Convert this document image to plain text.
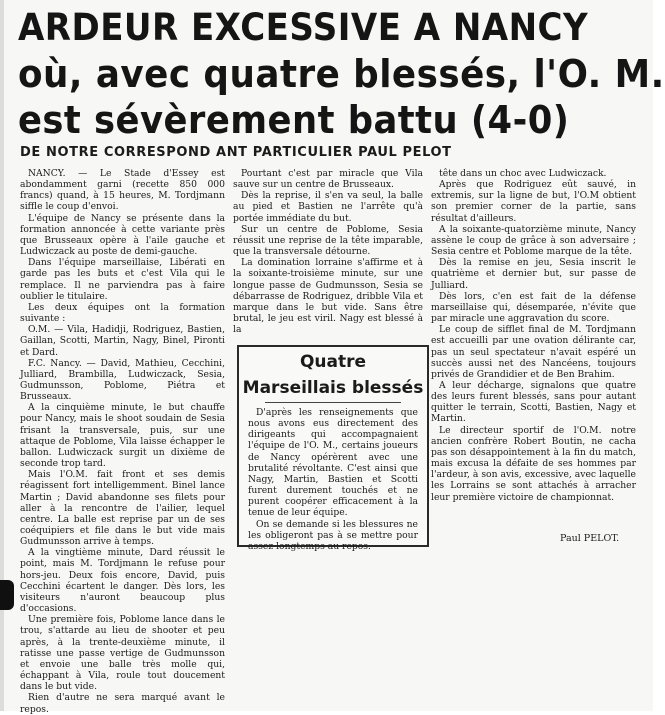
ARDEUR EXCESSIVE A NANCY
où, avec quatre blessés, l'O. M.
est sévèrement battu (4-0)
DE NOTRE CORRESPOND ANT PARTICULIER PAUL PELOT

NANCY. — Le Stade d'Essey est abondamment garni (recette 850 000 francs) quand, à 15 heures, M. Tordjmann siffle le coup d'envoi.

L'équipe de Nancy se présente dans la formation annoncée à cette variante près que Brusseaux opère à l'aile gauche et Ludwiczack au poste de demi-gauche.

Dans l'équipe marseillaise, Libérati en garde pas les buts et c'est Vila qui le remplace. Il ne parviendra pas à faire oublier le titulaire.

Les deux équipes ont la formation suivante :

O.M. — Vila, Hadidji, Rodriguez, Bastien, Gaillan, Scotti, Martin, Nagy, Binel, Pironti et Dard.

F.C. Nancy. — David, Mathieu, Cecchini, Julliard, Brambilla, Ludwiczack, Sesia, Gudmunsson, Poblome, Piétra et Brusseaux.

A la cinquième minute, le but chauffe pour Nancy, mais le shoot soudain de Sesia frisant la transversale, puis, sur une attaque de Poblome, Vila laisse échapper le ballon. Ludwiczack surgit un dixième de seconde trop tard.

Mais l'O.M. fait front et ses demis réagissent fort intelligemment. Binel lance Martin ; David abandonne ses filets pour aller à la rencontre de l'ailier, lequel centre. La balle est reprise par un de ses coéquipiers et file dans le but vide mais Gudmunsson arrive à temps.

A la vingtième minute, Dard réussit le point, mais M. Tordjmann le refuse pour hors-jeu. Deux fois encore, David, puis Cecchini écartent le danger. Dès lors, les visiteurs n'auront beaucoup plus d'occasions.

Une première fois, Poblome lance dans le trou, s'attarde au lieu de shooter et peu après, à la trente-deuxième minute, il ratisse une passe vertige de Gudmunsson et envoie une balle très molle qui, échappant à Vila, roule tout doucement dans le but vide.

Rien d'autre ne sera marqué avant le repos.

Pourtant c'est par miracle que Vila sauve sur un centre de Brusseaux.

Dès la reprise, il s'en va seul, la balle au pied et Bastien ne l'arrête qu'à portée immédiate du but.

Sur un centre de Poblome, Sesia réussit une reprise de la tête imparable, que la transversale détourne.

La domination lorraine s'affirme et à la soixante-troisième minute, sur une longue passe de Gudmunsson, Sesia se débarrasse de Rodriguez, dribble Vila et marque dans le but vide. Sans être brutal, le jeu est viril. Nagy est blessé à la

Quatre
Marseillais blessés

D'après les renseignements que nous avons eus directement des dirigeants qui accompagnaient l'équipe de l'O. M., certains joueurs de Nancy opérèrent avec une brutalité révoltante. C'est ainsi que Nagy, Martin, Bastien et Scotti furent durement touchés et ne purent coopérer efficacement à la tenue de leur équipe.

On se demande si les blessures ne les obligeront pas à se mettre pour assez longtemps au repos.

tête dans un choc avec Ludwiczack.

Après que Rodriguez eût sauvé, in extremis, sur la ligne de but, l'O.M obtient son premier corner de la partie, sans résultat d'ailleurs.

A la soixante-quatorzième minute, Nancy assène le coup de grâce à son adversaire ; Sesia centre et Poblome marque de la tête.

Dès la remise en jeu, Sesia inscrit le quatrième et dernier but, sur passe de Julliard.

Dès lors, c'en est fait de la défense marseillaise qui, désemparée, n'évite que par miracle une aggravation du score.

Le coup de sifflet final de M. Tordjmann est accueilli par une ovation délirante car, pas un seul spectateur n'avait espéré un succès aussi net des Nancéens, toujours privés de Grandidier et de Ben Brahim.

A leur décharge, signalons que quatre des leurs furent blessés, sans pour autant quitter le terrain, Scotti, Bastien, Nagy et Martin.

Le directeur sportif de l'O.M. notre ancien confrère Robert Boutin, ne cacha pas son désappointement à la fin du match, mais excusa la défaite de ses hommes par l'ardeur, à son avis, excessive, avec laquelle les Lorrains se sont attachés à arracher leur première victoire de championnat.

Paul PELOT.
